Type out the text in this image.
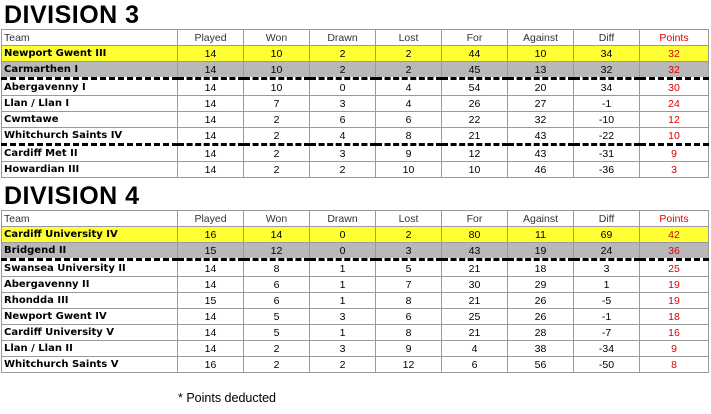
DIVISION 3
Team	Played	Won	Drawn	Lost	For	Against	Diff	Points
Newport Gwent III	14	10	2	2	44	10	34	32
Carmarthen I	14	10	2	2	45	13	32	32
Abergavenny I	14	10	0	4	54	20	34	30
Llan / Llan I	14	7	3	4	26	27	-1	24
Cwmtawe	14	2	6	6	22	32	-10	12
Whitchurch Saints IV	14	2	4	8	21	43	-22	10
Cardiff Met II	14	2	3	9	12	43	-31	9
Howardian III	14	2	2	10	10	46	-36	3
DIVISION 4
Team	Played	Won	Drawn	Lost	For	Against	Diff	Points
Cardiff University IV	16	14	0	2	80	11	69	42
Bridgend II	15	12	0	3	43	19	24	36
Swansea University II	14	8	1	5	21	18	3	25
Abergavenny II	14	6	1	7	30	29	1	19
Rhondda III	15	6	1	8	21	26	-5	19
Newport Gwent IV	14	5	3	6	25	26	-1	18
Cardiff University V	14	5	1	8	21	28	-7	16
Llan / Llan II	14	2	3	9	4	38	-34	9
Whitchurch Saints V	16	2	2	12	6	56	-50	8
* Points deducted
